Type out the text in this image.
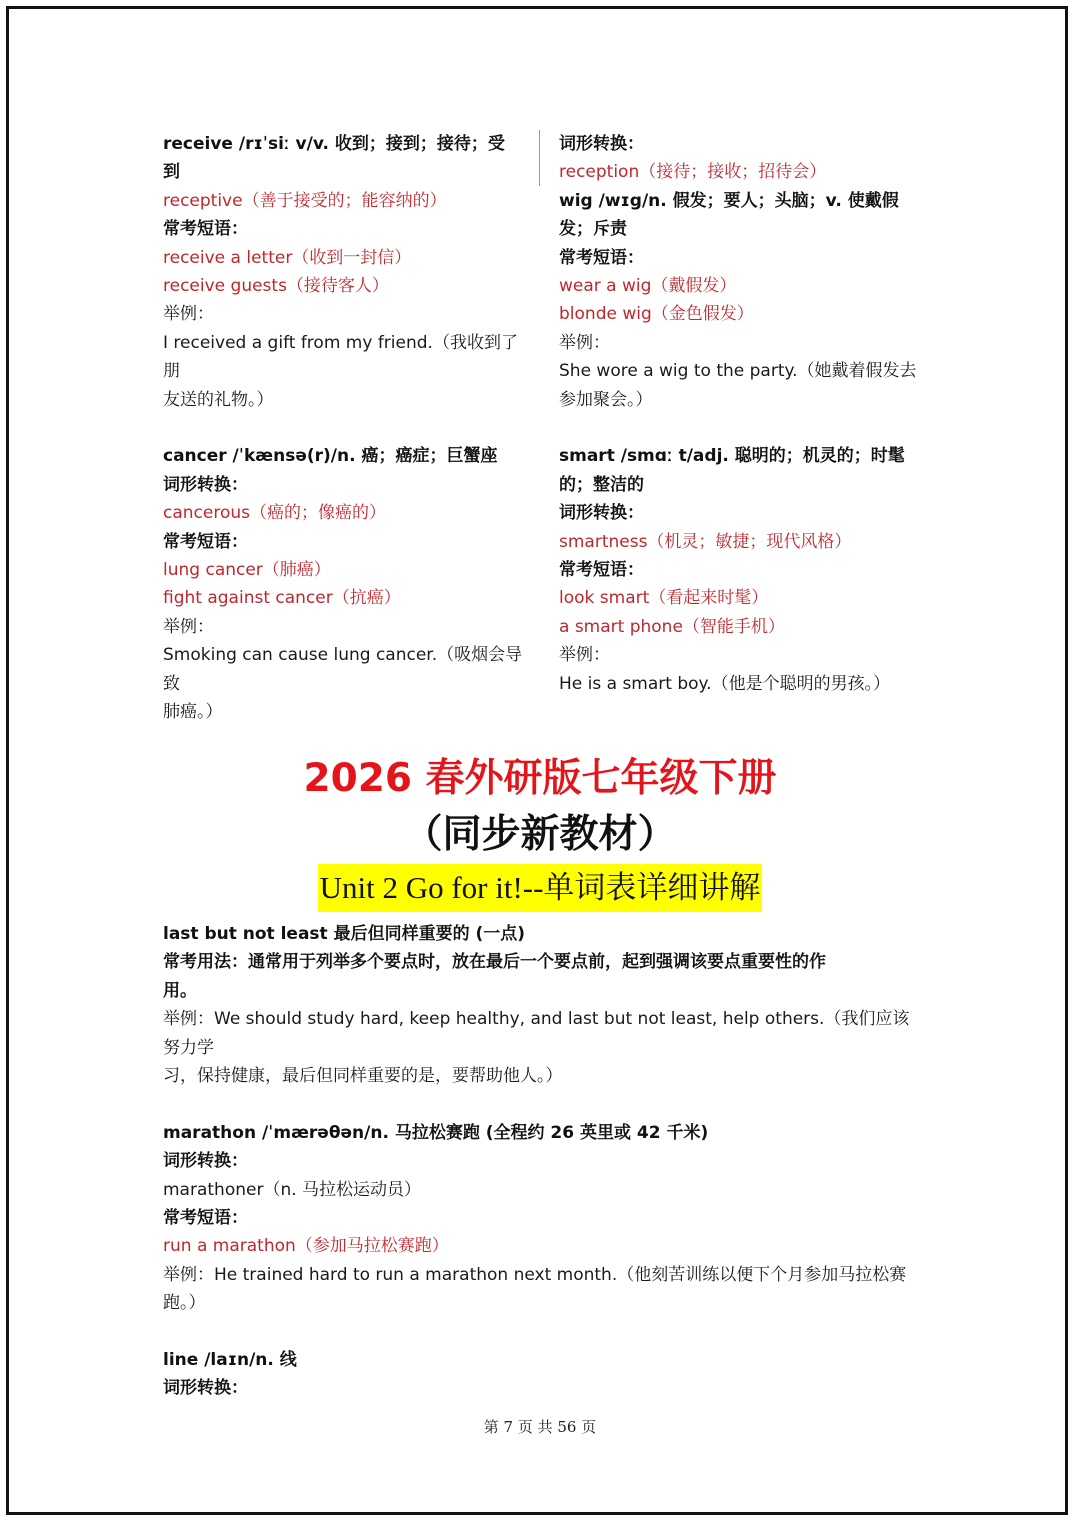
receive /rɪˈsiː v/v. 收到；接到；接待；受
到
receptive（善于接受的；能容纳的）
常考短语：
receive a letter（收到一封信）
receive guests（接待客人）
举例：
I received a gift from my friend.（我收到了朋
友送的礼物。）
cancer /ˈkænsə(r)/n. 癌；癌症；巨蟹座
词形转换：
cancerous（癌的；像癌的）
常考短语：
lung cancer（肺癌）
fight against cancer（抗癌）
举例：
Smoking can cause lung cancer.（吸烟会导致
肺癌。）
词形转换：
reception（接待；接收；招待会）
wig /wɪg/n. 假发；要人；头脑；v. 使戴假
发；斥责
常考短语：
wear a wig（戴假发）
blonde wig（金色假发）
举例：
She wore a wig to the party.（她戴着假发去
参加聚会。）
smart /smɑː t/adj. 聪明的；机灵的；时髦
的；整洁的
词形转换：
smartness（机灵；敏捷；现代风格）
常考短语：
look smart（看起来时髦）
a smart phone（智能手机）
举例：
He is a smart boy.（他是个聪明的男孩。）
2026 春外研版七年级下册
（同步新教材）
Unit 2 Go for it!--单词表详细讲解
last but not least 最后但同样重要的 (一点)
常考用法：通常用于列举多个要点时，放在最后一个要点前，起到强调该要点重要性的作
用。
举例：We should study hard, keep healthy, and last but not least, help others.（我们应该努力学
习，保持健康，最后但同样重要的是，要帮助他人。）
marathon /ˈmærəθən/n. 马拉松赛跑 (全程约 26 英里或 42 千米)
词形转换：
marathoner（n. 马拉松运动员）
常考短语：
run a marathon（参加马拉松赛跑）
举例：He trained hard to run a marathon next month.（他刻苦训练以便下个月参加马拉松赛
跑。）
line /laɪn/n. 线
词形转换：
第 7 页 共 56 页
